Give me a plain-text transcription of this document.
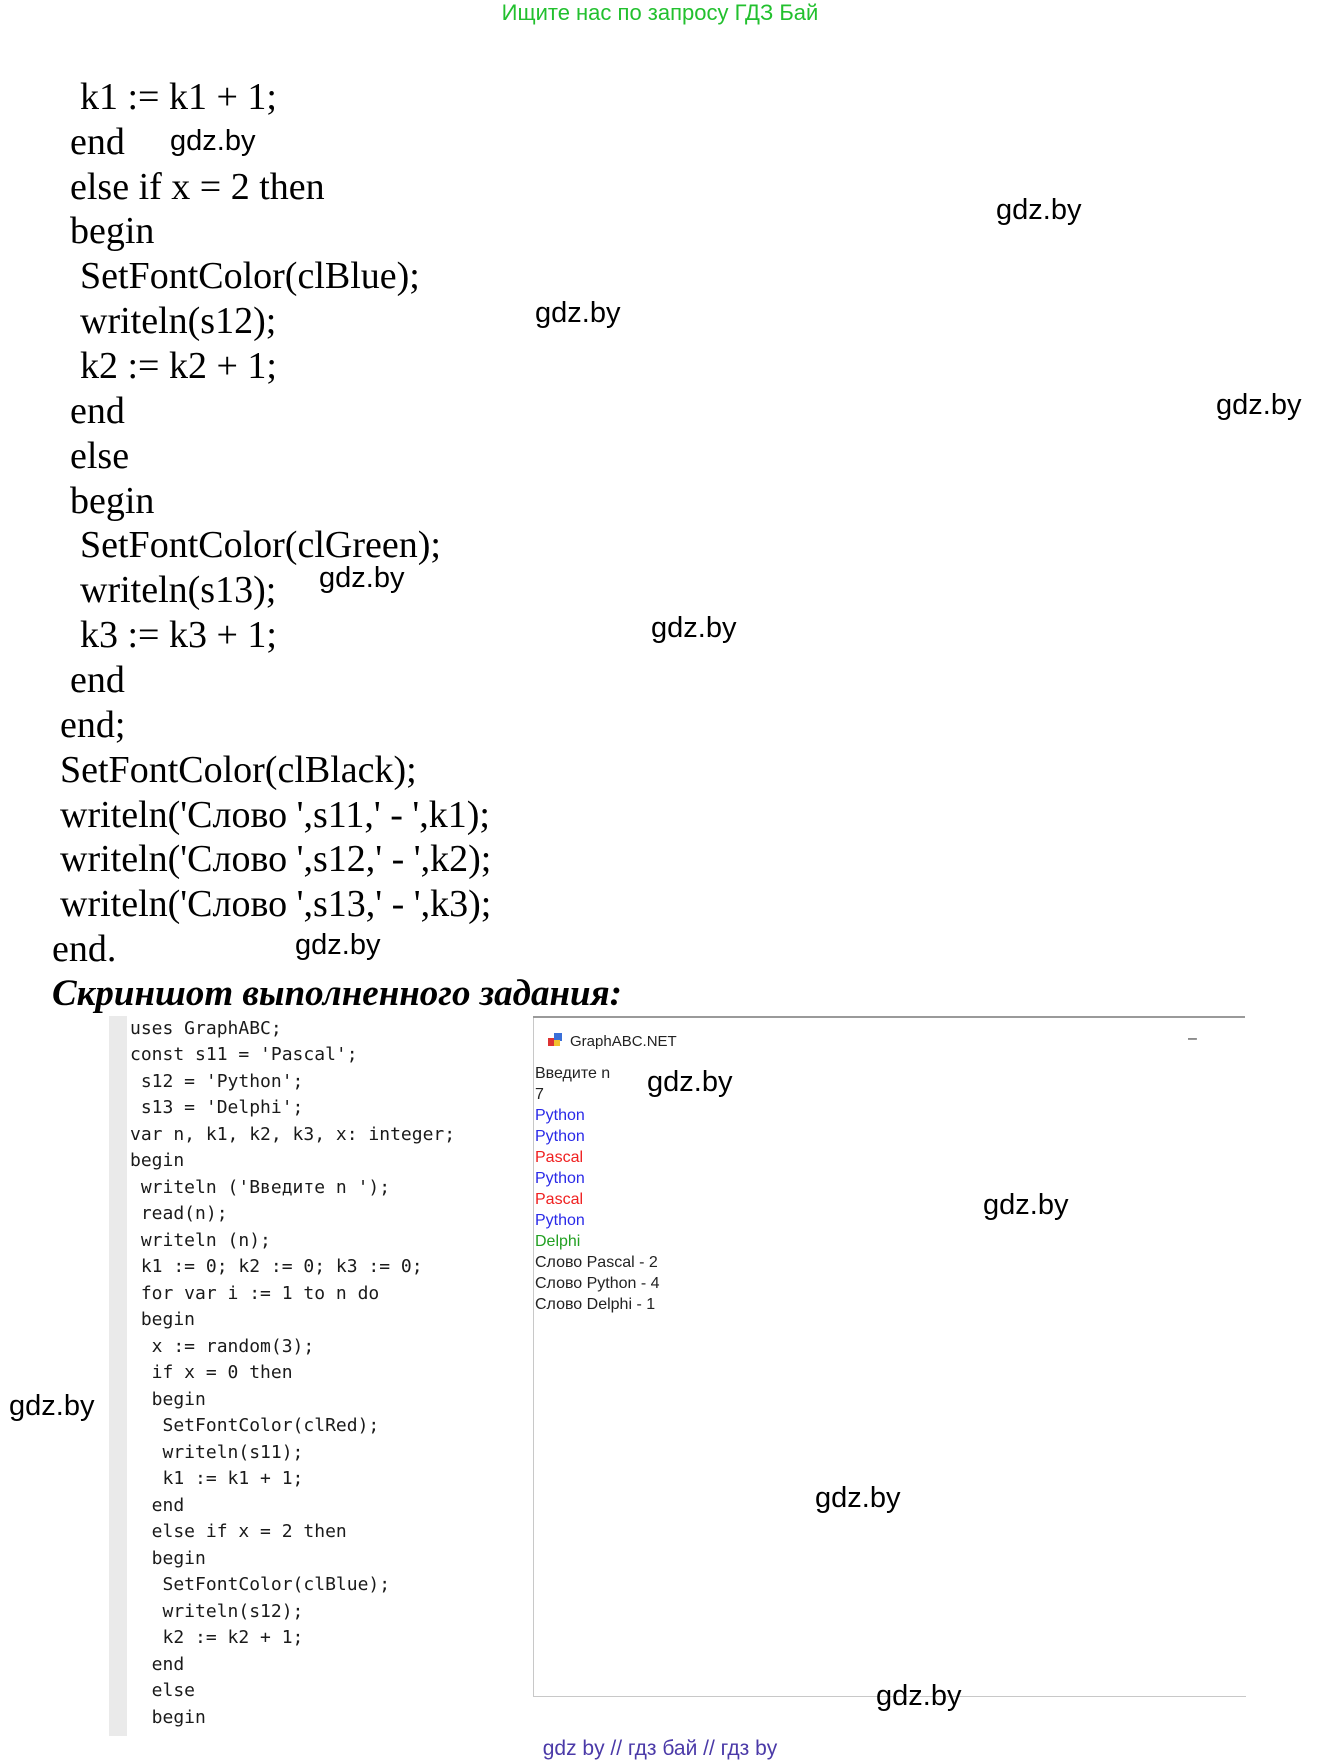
Ищите нас по запросу ГДЗ Бай
k1 := k1 + 1;
end
else if x = 2 then
begin
SetFontColor(clBlue);
writeln(s12);
k2 := k2 + 1;
end
else
begin
SetFontColor(clGreen);
writeln(s13);
k3 := k3 + 1;
end
end;
SetFontColor(clBlack);
writeln('Слово ',s11,' - ',k1);
writeln('Слово ',s12,' - ',k2);
writeln('Слово ',s13,' - ',k3);
end.
Скриншот выполненного задания:
uses GraphABC;
const s11 = 'Pascal';
s12 = 'Python';
s13 = 'Delphi';
var n, k1, k2, k3, x: integer;
begin
writeln ('Введите n ');
read(n);
writeln (n);
k1 := 0; k2 := 0; k3 := 0;
for var i := 1 to n do
begin
x := random(3);
if x = 0 then
begin
SetFontColor(clRed);
writeln(s11);
k1 := k1 + 1;
end
else if x = 2 then
begin
SetFontColor(clBlue);
writeln(s12);
k2 := k2 + 1;
end
else
begin
GraphABC.NET	–
Введите n
7
Python
Python
Pascal
Python
Pascal
Python
Delphi
Слово Pascal - 2
Слово Python - 4
Слово Delphi - 1
gdz.by
gdz.by
gdz.by
gdz.by
gdz.by
gdz.by
gdz.by
gdz.by
gdz.by
gdz.by
gdz.by
gdz.by
gdz by // гдз бай // гдз by
